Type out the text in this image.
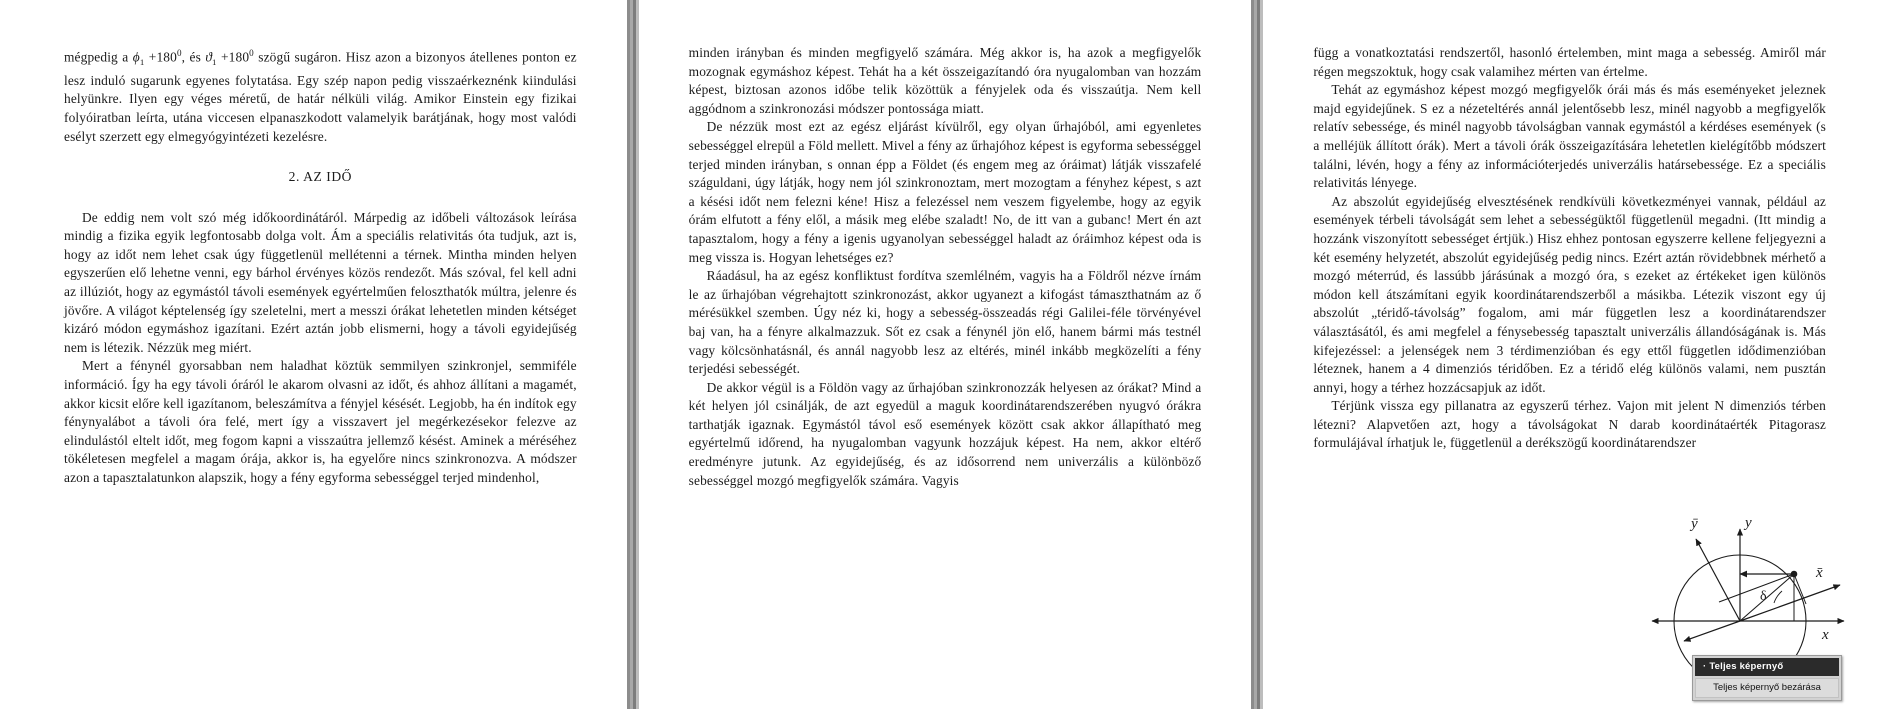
mégpedig a $\phi_1 +180^0$, és $ϑ_1 +180^0$ szögű sugáron. Hisz azon a bizonyos átellenes ponton ez lesz induló sugarunk egyenes folytatása. Egy szép napon pedig visszaérkeznénk kiindulási helyünkre. Ilyen egy véges méretű, de határ nélküli világ. Amikor Einstein egy fizikai folyóiratban leírta, utána viccesen elpanaszkodott valamelyik barátjának, hogy most valódi esélyt szerzett egy elmegyógyintézeti kezelésre.

2. AZ IDŐ

De eddig nem volt szó még időkoordinátáról. Márpedig az időbeli változások leírása mindig a fizika egyik legfontosabb dolga volt. Ám a speciális relativitás óta tudjuk, azt is, hogy az időt nem lehet csak úgy függetlenül mellétenni a térnek. Mintha minden helyen egyszerűen elő lehetne venni, egy bárhol érvényes közös rendezőt. Más szóval, fel kell adni az illúziót, hogy az egymástól távoli események egyértelműen feloszthatók múltra, jelenre és jövőre. A világot képtelenség így szeletelni, mert a messzi órákat lehetetlen minden kétséget kizáró módon egymáshoz igazítani. Ezért aztán jobb elismerni, hogy a távoli egyidejűség nem is létezik. Nézzük meg miért.

Mert a fénynél gyorsabban nem haladhat köztük semmilyen szinkronjel, semmiféle információ. Így ha egy távoli óráról le akarom olvasni az időt, és ahhoz állítani a magamét, akkor kicsit előre kell igazítanom, beleszámítva a fényjel késését. Legjobb, ha én indítok egy fénynyalábot a távoli óra felé, mert így a visszavert jel megérkezésekor felezve az elindulástól eltelt időt, meg fogom kapni a visszaútra jellemző késést. Aminek a méréséhez tökéletesen megfelel a magam órája, akkor is, ha egyelőre nincs szinkronozva. A módszer azon a tapasztalatunkon alapszik, hogy a fény egyforma sebességgel terjed mindenhol,

minden irányban és minden megfigyelő számára. Még akkor is, ha azok a megfigyelők mozognak egymáshoz képest. Tehát ha a két összeigazítandó óra nyugalomban van hozzám képest, biztosan azonos időbe telik közöttük a fényjelek oda és visszaútja. Nem kell aggódnom a szinkronozási módszer pontossága miatt.

De nézzük most ezt az egész eljárást kívülről, egy olyan űrhajóból, ami egyenletes sebességgel elrepül a Föld mellett. Mivel a fény az űrhajóhoz képest is egyforma sebességgel terjed minden irányban, s onnan épp a Földet (és engem meg az óráimat) látják visszafelé száguldani, úgy látják, hogy nem jól szinkronoztam, mert mozogtam a fényhez képest, s azt a késési időt nem felezni kéne! Hisz a felezéssel nem veszem figyelembe, hogy az egyik órám elfutott a fény elől, a másik meg elébe szaladt! No, de itt van a gubanc! Mert én azt tapasztalom, hogy a fény a igenis ugyanolyan sebességgel haladt az óráimhoz képest oda is meg vissza is. Hogyan lehetséges ez?

Ráadásul, ha az egész konfliktust fordítva szemlélném, vagyis ha a Földről nézve írnám le az űrhajóban végrehajtott szinkronozást, akkor ugyanezt a kifogást támaszthatnám az ő mérésükkel szemben. Úgy néz ki, hogy a sebesség-összeadás régi Galilei-féle törvényével baj van, ha a fényre alkalmazzuk. Sőt ez csak a fénynél jön elő, hanem bármi más testnél vagy kölcsönhatásnál, és annál nagyobb lesz az eltérés, minél inkább megközelíti a fény terjedési sebességét.

De akkor végül is a Földön vagy az űrhajóban szinkronozzák helyesen az órákat? Mind a két helyen jól csinálják, de azt egyedül a maguk koordinátarendszerében nyugvó órákra tarthatják igaznak. Egymástól távol eső események között csak akkor állapítható meg egyértelmű időrend, ha nyugalomban vagyunk hozzájuk képest. Ha nem, akkor eltérő eredményre jutunk. Az egyidejűség, és az idősorrend nem univerzális a különböző sebességgel mozgó megfigyelők számára. Vagyis

függ a vonatkoztatási rendszertől, hasonló értelemben, mint maga a sebesség. Amiről már régen megszoktuk, hogy csak valamihez mérten van értelme.

Tehát az egymáshoz képest mozgó megfigyelők órái más és más eseményeket jeleznek majd egyidejűnek. S ez a nézeteltérés annál jelentősebb lesz, minél nagyobb a megfigyelők relatív sebessége, és minél nagyobb távolságban vannak egymástól a kérdéses események (s a melléjük állított órák). Mert a távoli órák összeigazítására lehetetlen kielégítőbb módszert találni, lévén, hogy a fény az információterjedés univerzális határsebessége. Ez a speciális relativitás lényege.

Az abszolút egyidejűség elvesztésének rendkívüli következményei vannak, például az események térbeli távolságát sem lehet a sebességüktől függetlenül megadni. (Itt mindig a hozzánk viszonyított sebességet értjük.) Hisz ehhez pontosan egyszerre kellene feljegyezni a két esemény helyzetét, abszolút egyidejűség pedig nincs. Ezért aztán rövidebbnek mérhető a mozgó méterrúd, és lassúbb járásúnak a mozgó óra, s ezeket az értékeket igen különös módon kell átszámítani egyik koordinátarendszerből a másikba. Létezik viszont egy új abszolút „téridő-távolság” fogalom, ami már független lesz a koordinátarendszer választásától, és ami megfelel a fénysebesség tapasztalt univerzális állandóságának is. Más kifejezéssel: a jelenségek nem 3 térdimenzióban és egy ettől független idődimenzióban léteznek, hanem a 4 dimenziós téridőben. Ez a téridő elég különös valami, nem pusztán annyi, hogy a térhez hozzácsapjuk az időt.

Térjünk vissza egy pillanatra az egyszerű térhez. Vajon mit jelent N dimenziós térben létezni? Alapvetően azt, hogy a távolságokat N darab koordinátaérték Pitagorasz formulájával írhatjuk le, függetlenül a derékszögű koordinátarendszer

ȳ	y
x̄
x
δ
· Teljes képernyő
Teljes képernyő bezárása
